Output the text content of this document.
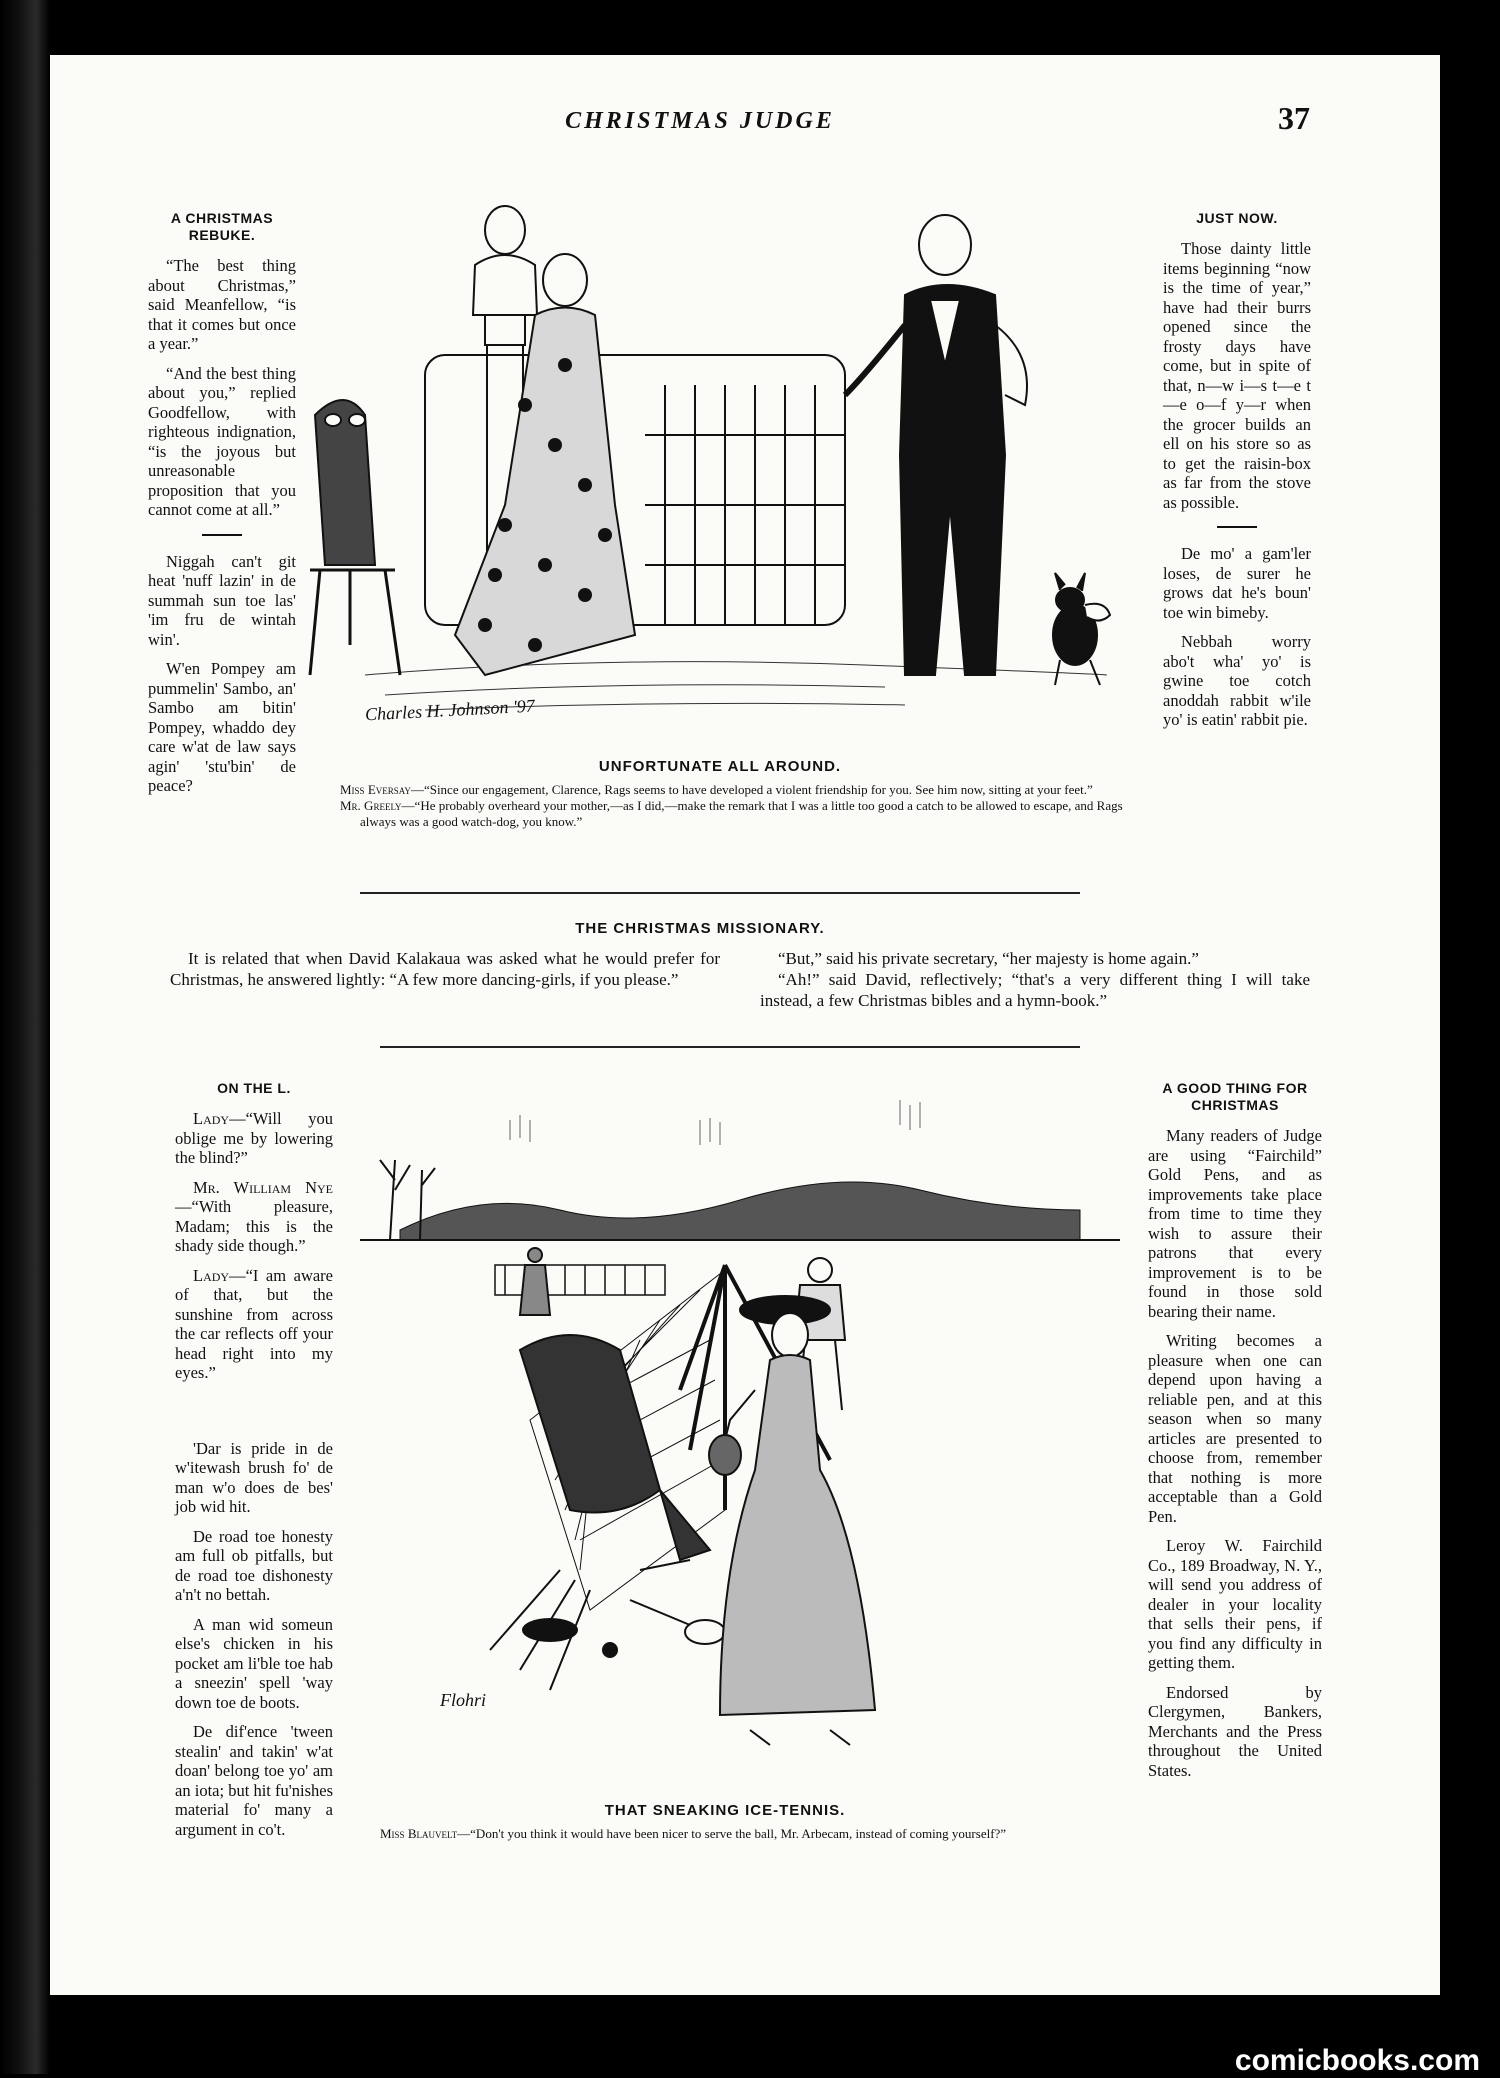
CHRISTMAS JUDGE	37
A CHRISTMAS REBUKE.

“The best thing about Christmas,” said Meanfellow, “is that it comes but once a year.”

“And the best thing about you,” replied Goodfellow, with righteous indignation, “is the joyous but unreasonable proposition that you cannot come at all.”

Niggah can't git heat 'nuff lazin' in de summah sun toe las' 'im fru de wintah win'.

W'en Pompey am pummelin' Sambo, an' Sambo am bitin' Pompey, whaddo dey care w'at de law says agin' 'stu'bin' de peace?

JUST NOW.

Those dainty little items beginning “now is the time of year,” have had their burrs opened since the frosty days have come, but in spite of that, n—w i—s t—e t—e o—f y—r when the grocer builds an ell on his store so as to get the raisin-box as far from the stove as possible.

De mo' a gam'ler loses, de surer he grows dat he's boun' toe win bimeby.

Nebbah worry abo't wha' yo' is gwine toe cotch anoddah rabbit w'ile yo' is eatin' rabbit pie.

Charles H. Johnson '97
UNFORTUNATE ALL AROUND.

Miss Eversay—“Since our engagement, Clarence, Rags seems to have developed a violent friendship for you. See him now, sitting at your feet.”

Mr. Greely—“He probably overheard your mother,—as I did,—make the remark that I was a little too good a catch to be allowed to escape, and Rags always was a good watch-dog, you know.”

THE CHRISTMAS MISSIONARY.

It is related that when David Kalakaua was asked what he would prefer for Christmas, he answered lightly: “A few more dancing-girls, if you please.”

“But,” said his private secretary, “her majesty is home again.”

“Ah!” said David, reflectively; “that's a very different thing I will take instead, a few Christmas bibles and a hymn-book.”

ON THE L.

Lady—“Will you oblige me by lowering the blind?”

Mr. William Nye—“With pleasure, Madam; this is the shady side though.”

Lady—“I am aware of that, but the sunshine from across the car reflects off your head right into my eyes.”

'Dar is pride in de w'itewash brush fo' de man w'o does de bes' job wid hit.

De road toe honesty am full ob pitfalls, but de road toe dishonesty a'n't no bettah.

A man wid someun else's chicken in his pocket am li'ble toe hab a sneezin' spell 'way down toe de boots.

De dif'ence 'tween stealin' and takin' w'at doan' belong toe yo' am an iota; but hit fu'nishes material fo' many a argument in co't.

A GOOD THING FOR CHRISTMAS

Many readers of Judge are using “Fairchild” Gold Pens, and as improvements take place from time to time they wish to assure their patrons that every improvement is to be found in those sold bearing their name.

Writing becomes a pleasure when one can depend upon having a reliable pen, and at this season when so many articles are presented to choose from, remember that nothing is more acceptable than a Gold Pen.

Leroy W. Fairchild Co., 189 Broadway, N. Y., will send you address of dealer in your locality that sells their pens, if you find any difficulty in getting them.

Endorsed by Clergymen, Bankers, Merchants and the Press throughout the United States.

Flohri
THAT SNEAKING ICE-TENNIS.

Miss Blauvelt—“Don't you think it would have been nicer to serve the ball, Mr. Arbecam, instead of coming yourself?”

comicbooks.com
